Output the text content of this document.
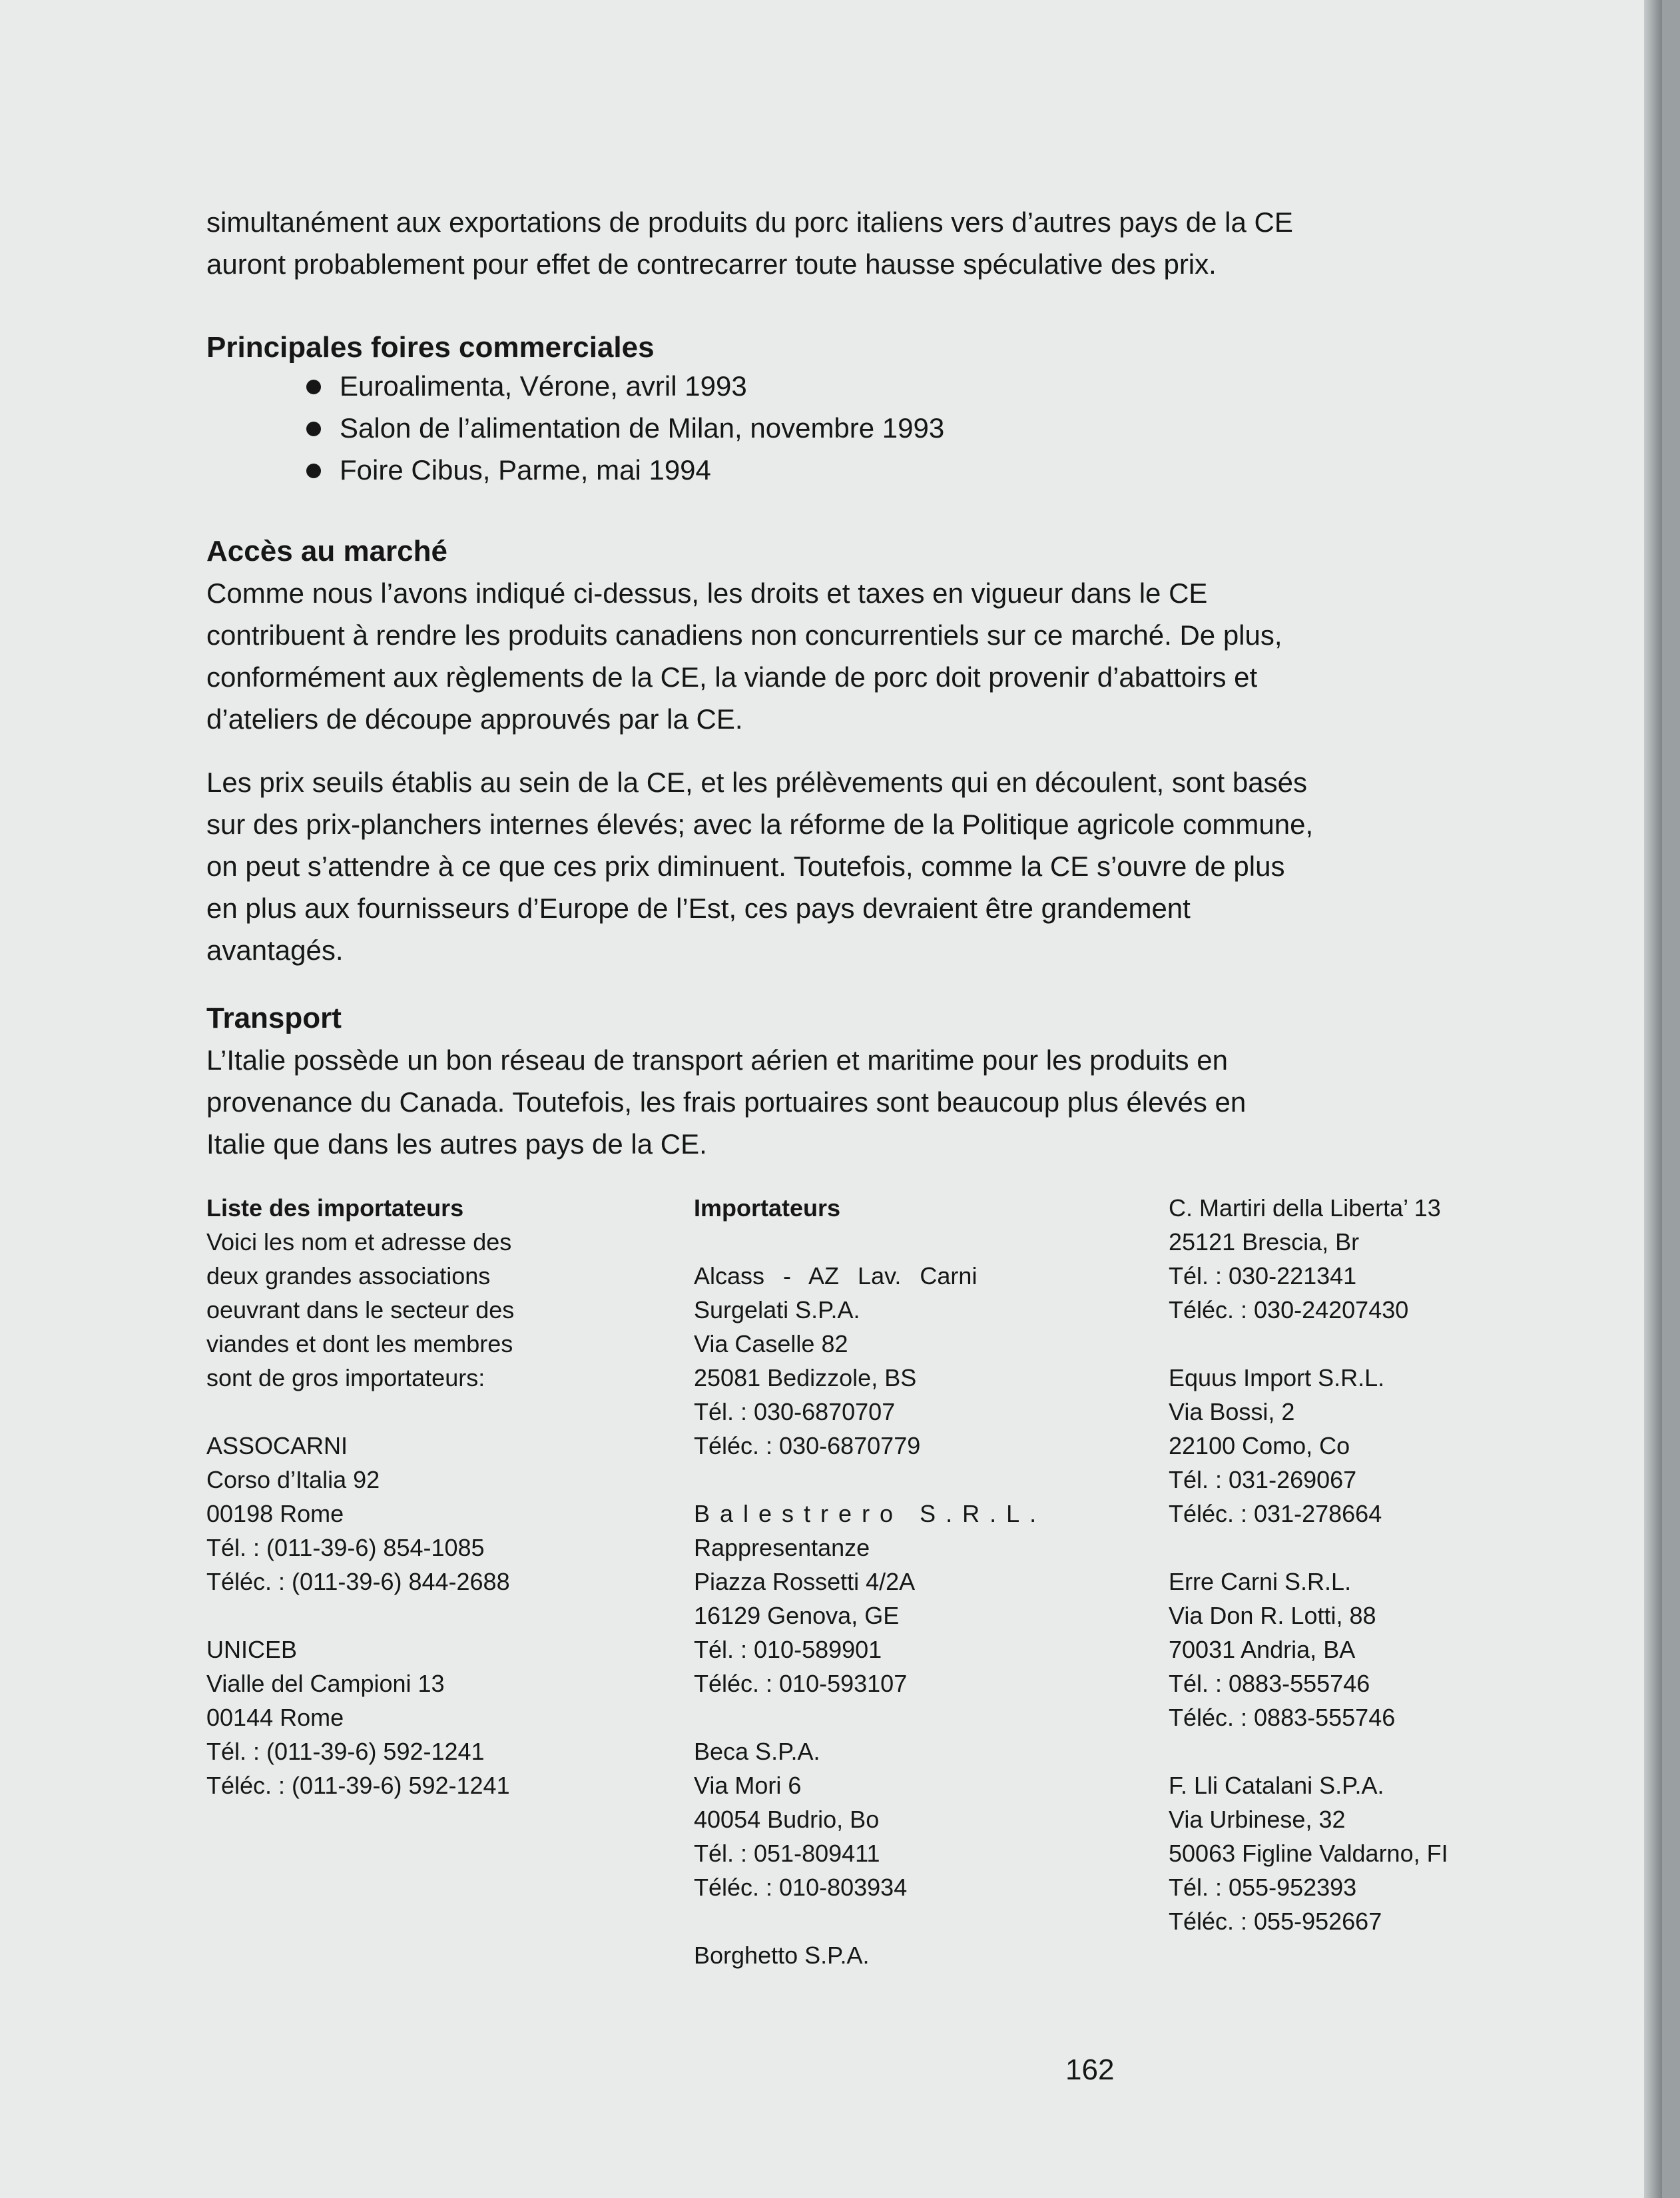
simultanément aux exportations de produits du porc italiens vers d’autres pays de la CE
auront probablement pour effet de contrecarrer toute hausse spéculative des prix.

Principales foires commerciales
Euroalimenta, Vérone, avril 1993
Salon de l’alimentation de Milan, novembre 1993
Foire Cibus, Parme, mai 1994
Accès au marché

Comme nous l’avons indiqué ci-dessus, les droits et taxes en vigueur dans le CE
contribuent à rendre les produits canadiens non concurrentiels sur ce marché. De plus,
conformément aux règlements de la CE, la viande de porc doit provenir d’abattoirs et
d’ateliers de découpe approuvés par la CE.

Les prix seuils établis au sein de la CE, et les prélèvements qui en découlent, sont basés
sur des prix-planchers internes élevés; avec la réforme de la Politique agricole commune,
on peut s’attendre à ce que ces prix diminuent. Toutefois, comme la CE s’ouvre de plus
en plus aux fournisseurs d’Europe de l’Est, ces pays devraient être grandement
avantagés.

Transport

L’Italie possède un bon réseau de transport aérien et maritime pour les produits en
provenance du Canada. Toutefois, les frais portuaires sont beaucoup plus élevés en
Italie que dans les autres pays de la CE.

Liste des importateurs

Voici les nom et adresse des
deux grandes associations
oeuvrant dans le secteur des
viandes et dont les membres
sont de gros importateurs:

ASSOCARNI
Corso d’Italia 92
00198 Rome
Tél. : (011-39-6) 854-1085
Téléc. : (011-39-6) 844-2688
UNICEB
Vialle del Campioni 13
00144 Rome
Tél. : (011-39-6) 592-1241
Téléc. : (011-39-6) 592-1241
Importateurs
Alcass - AZ Lav. Carni
Surgelati S.P.A.
Via Caselle 82
25081 Bedizzole, BS
Tél. : 030-6870707
Téléc. : 030-6870779
Balestrero S.R.L.
Rappresentanze
Piazza Rossetti 4/2A
16129 Genova, GE
Tél. : 010-589901
Téléc. : 010-593107
Beca S.P.A.
Via Mori 6
40054 Budrio, Bo
Tél. : 051-809411
Téléc. : 010-803934
Borghetto S.P.A.
C. Martiri della Liberta’ 13
25121 Brescia, Br
Tél. : 030-221341
Téléc. : 030-24207430
Equus Import S.R.L.
Via Bossi, 2
22100 Como, Co
Tél. : 031-269067
Téléc. : 031-278664
Erre Carni S.R.L.
Via Don R. Lotti, 88
70031 Andria, BA
Tél. : 0883-555746
Téléc. : 0883-555746
F. Lli Catalani S.P.A.
Via Urbinese, 32
50063 Figline Valdarno, FI
Tél. : 055-952393
Téléc. : 055-952667
162
